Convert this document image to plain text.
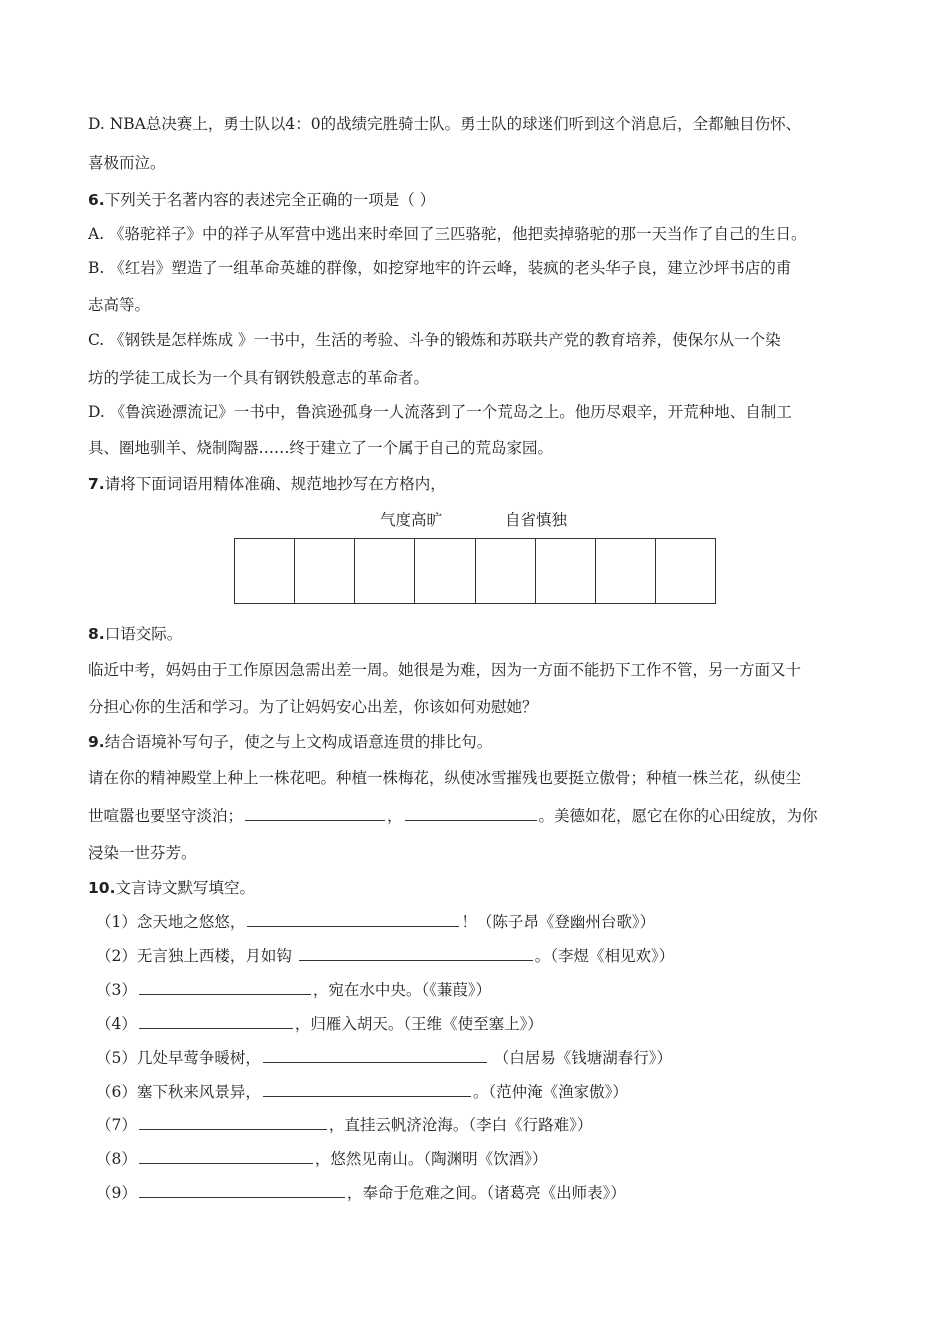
D. NBA总决赛上，勇士队以4：0的战绩完胜骑士队。勇士队的球迷们听到这个消息后，全都触目伤怀、
喜极而泣。
6.下列关于名著内容的表述完全正确的一项是（ ）
A. 《骆驼祥子》中的祥子从军营中逃出来时牵回了三匹骆驼，他把卖掉骆驼的那一天当作了自己的生日。
B. 《红岩》塑造了一组革命英雄的群像，如挖穿地牢的许云峰，装疯的老头华子良，建立沙坪书店的甫
志高等。
C. 《钢铁是怎样炼成 》一书中，生活的考验、斗争的锻炼和苏联共产党的教育培养，使保尔从一个染
坊的学徒工成长为一个具有钢铁般意志的革命者。
D. 《鲁滨逊漂流记》一书中，鲁滨逊孤身一人流落到了一个荒岛之上。他历尽艰辛，开荒种地、自制工
具、圈地驯羊、烧制陶器……终于建立了一个属于自己的荒岛家园。
7.请将下面词语用精体准确、规范地抄写在方格内，
气度高旷	自省慎独
8.口语交际。
临近中考，妈妈由于工作原因急需出差一周。她很是为难，因为一方面不能扔下工作不管，另一方面又十
分担心你的生活和学习。为了让妈妈安心出差，你该如何劝慰她？
9.结合语境补写句子，使之与上文构成语意连贯的排比句。
请在你的精神殿堂上种上一株花吧。种植一株梅花，纵使冰雪摧残也要挺立傲骨；种植一株兰花，纵使尘
世喧嚣也要坚守淡泊；	，	。美德如花，愿它在你的心田绽放，为你
浸染一世芬芳。
10.文言诗文默写填空。
（1）念天地之悠悠，	！（陈子昂《登幽州台歌》）
（2）无言独上西楼，月如钩	。（李煜《相见欢》）
（3）	，宛在水中央。（《蒹葭》）
（4）	，归雁入胡天。（王维《使至塞上》）
（5）几处早莺争暖树，	（白居易《钱塘湖春行》）
（6）塞下秋来风景异，	。（范仲淹《渔家傲》）
（7）	，直挂云帆济沧海。（李白《行路难》）
（8）	，悠然见南山。（陶渊明《饮酒》）
（9）	，奉命于危难之间。（诸葛亮《出师表》）
